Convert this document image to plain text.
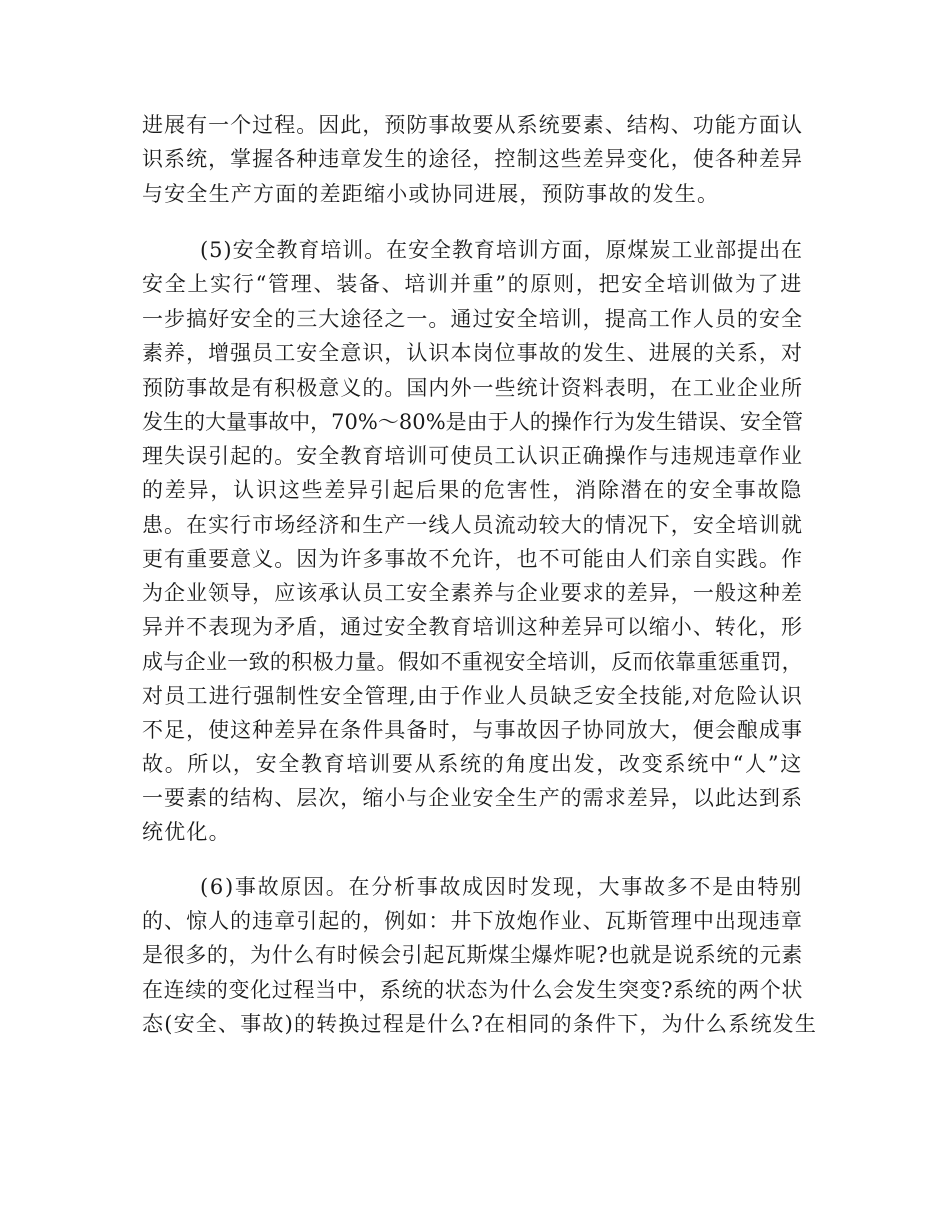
进展有一个过程。因此，预防事故要从系统要素、结构、功能方面认
识系统，掌握各种违章发生的途径，控制这些差异变化，使各种差异
与安全生产方面的差距缩小或协同进展，预防事故的发生。
(5)安全教育培训。在安全教育培训方面，原煤炭工业部提出在
安全上实行“管理、装备、培训并重”的原则，把安全培训做为了进
一步搞好安全的三大途径之一。通过安全培训，提高工作人员的安全
素养，增强员工安全意识，认识本岗位事故的发生、进展的关系，对
预防事故是有积极意义的。国内外一些统计资料表明，在工业企业所
发生的大量事故中，70%～80%是由于人的操作行为发生错误、安全管
理失误引起的。安全教育培训可使员工认识正确操作与违规违章作业
的差异，认识这些差异引起后果的危害性，消除潜在的安全事故隐
患。在实行市场经济和生产一线人员流动较大的情况下，安全培训就
更有重要意义。因为许多事故不允许，也不可能由人们亲自实践。作
为企业领导，应该承认员工安全素养与企业要求的差异，一般这种差
异并不表现为矛盾，通过安全教育培训这种差异可以缩小、转化，形
成与企业一致的积极力量。假如不重视安全培训，反而依靠重惩重罚，
对员工进行强制性安全管理,由于作业人员缺乏安全技能,对危险认识
不足，使这种差异在条件具备时，与事故因子协同放大，便会酿成事
故。所以，安全教育培训要从系统的角度出发，改变系统中“人”这
一要素的结构、层次，缩小与企业安全生产的需求差异，以此达到系
统优化。
(6)事故原因。在分析事故成因时发现，大事故多不是由特别
的、惊人的违章引起的，例如：井下放炮作业、瓦斯管理中出现违章
是很多的，为什么有时候会引起瓦斯煤尘爆炸呢?也就是说系统的元素
在连续的变化过程当中，系统的状态为什么会发生突变?系统的两个状
态(安全、事故)的转换过程是什么?在相同的条件下，为什么系统发生
